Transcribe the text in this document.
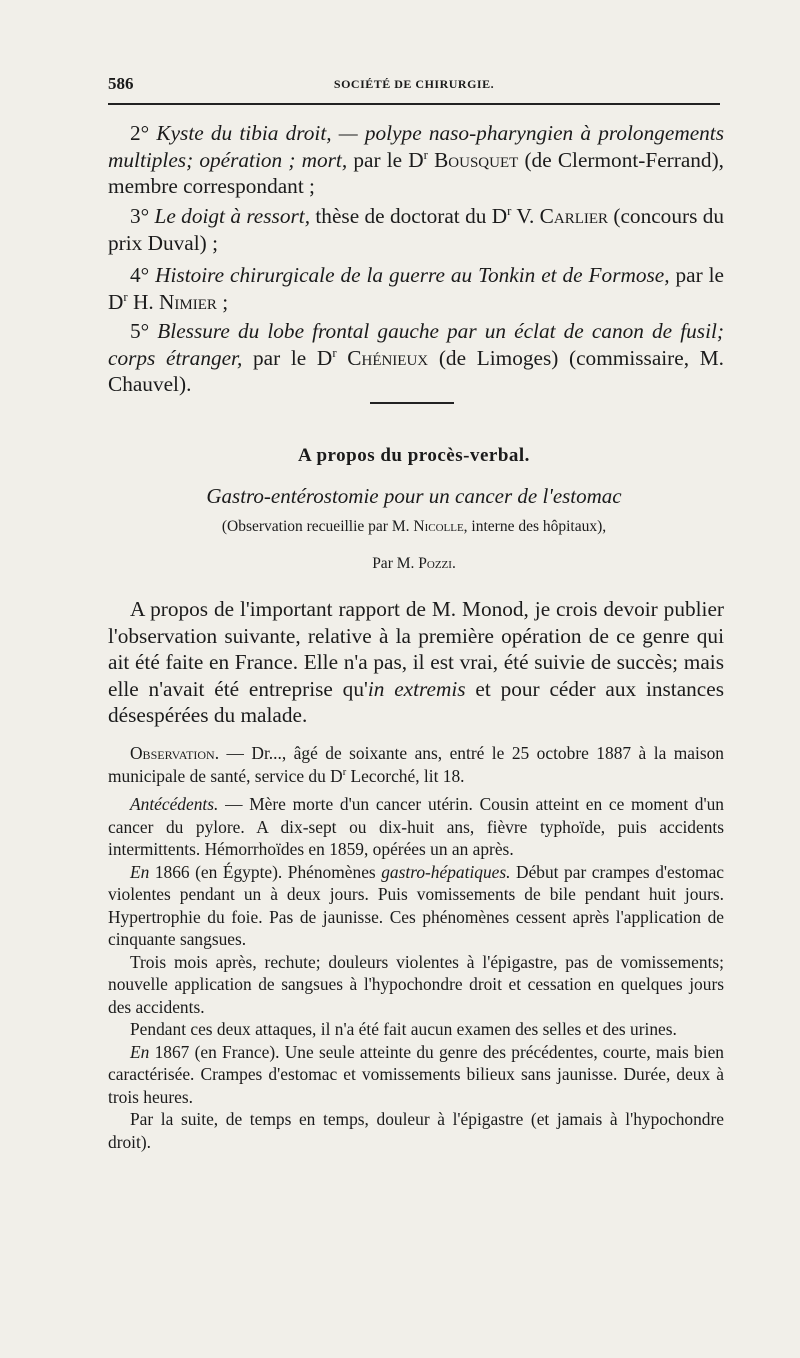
586	SOCIÉTÉ DE CHIRURGIE.

2° Kyste du tibia droit, — polype naso-pharyngien à prolongements multiples; opération ; mort, par le $D^r$ Bousquet (de Clermont-Ferrand), membre correspondant ;

3° Le doigt à ressort, thèse de doctorat du $D^r$ V. Carlier (concours du prix Duval) ;

4° Histoire chirurgicale de la guerre au Tonkin et de Formose, par le $D^r$ H. Nimier ;

5° Blessure du lobe frontal gauche par un éclat de canon de fusil; corps étranger, par le $D^r$ Chénieux (de Limoges) (commissaire, M. Chauvel).

A propos du procès-verbal.
Gastro-entérostomie pour un cancer de l'estomac
(Observation recueillie par M. Nicolle, interne des hôpitaux),
Par M. Pozzi.

A propos de l'important rapport de M. Monod, je crois devoir publier l'observation suivante, relative à la première opération de ce genre qui ait été faite en France. Elle n'a pas, il est vrai, été suivie de succès; mais elle n'avait été entreprise qu'in extremis et pour céder aux instances désespérées du malade.

Observation. — Dr..., âgé de soixante ans, entré le 25 octobre 1887 à la maison municipale de santé, service du $D^r$ Lecorché, lit 18.

Antécédents. — Mère morte d'un cancer utérin. Cousin atteint en ce moment d'un cancer du pylore. A dix-sept ou dix-huit ans, fièvre typhoïde, puis accidents intermittents. Hémorrhoïdes en 1859, opérées un an après.

En 1866 (en Égypte). Phénomènes gastro-hépatiques. Début par crampes d'estomac violentes pendant un à deux jours. Puis vomissements de bile pendant huit jours. Hypertrophie du foie. Pas de jaunisse. Ces phénomènes cessent après l'application de cinquante sangsues.

Trois mois après, rechute; douleurs violentes à l'épigastre, pas de vomissements; nouvelle application de sangsues à l'hypochondre droit et cessation en quelques jours des accidents.

Pendant ces deux attaques, il n'a été fait aucun examen des selles et des urines.

En 1867 (en France). Une seule atteinte du genre des précédentes, courte, mais bien caractérisée. Crampes d'estomac et vomissements bilieux sans jaunisse. Durée, deux à trois heures.

Par la suite, de temps en temps, douleur à l'épigastre (et jamais à l'hypochondre droit).
